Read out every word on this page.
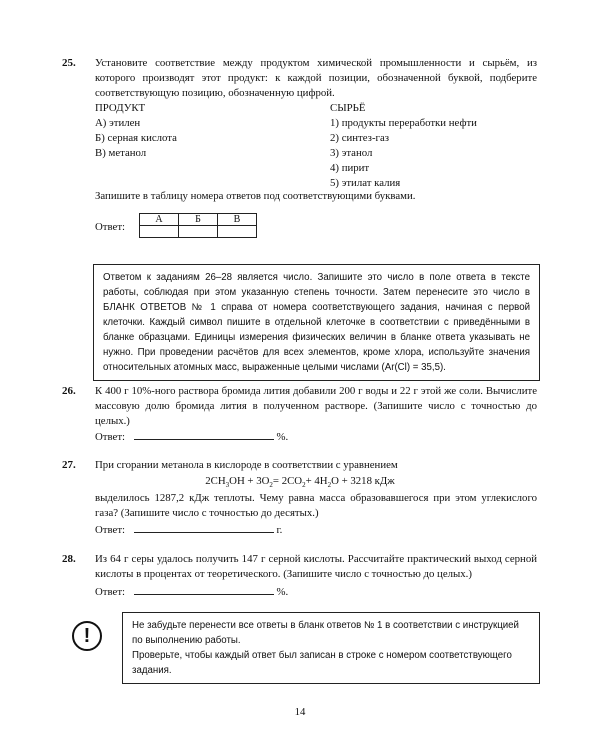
25. Установите соответствие между продуктом химической промышленности и сырьём, из которого производят этот продукт: к каждой позиции, обозначенной буквой, подберите соответствующую позицию, обозначенную цифрой.
ПРОДУКТ
А) этилен
Б) серная кислота
В) метанол
СЫРЬЁ
1) продукты переработки нефти
2) синтез-газ
3) этанол
4) пирит
5) этилат калия
Запишите в таблицу номера ответов под соответствующими буквами.
Ответ:
А	Б	В

Ответом к заданиям 26–28 является число. Запишите это число в поле ответа в тексте работы, соблюдая при этом указанную степень точности. Затем перенесите это число в БЛАНК ОТВЕТОВ № 1 справа от номера соответствующего задания, начиная с первой клеточки. Каждый символ пишите в отдельной клеточке в соответствии с приведёнными в бланке образцами. Единицы измерения физических величин в бланке ответа указывать не нужно. При проведении расчётов для всех элементов, кроме хлора, используйте значения относительных атомных масс, выраженные целыми числами (Ar(Cl) = 35,5).
26. К 400 г 10%-ного раствора бромида лития добавили 200 г воды и 22 г этой же соли. Вычислите массовую долю бромида лития в полученном растворе. (Запишите число с точностью до целых.)
Ответ:	%.
27. При сгорании метанола в кислороде в соответствии с уравнением
$2CH_3OH + 3O_2= 2CO_2+ 4H_2O + 3218$ кДж
выделилось 1287,2 кДж теплоты. Чему равна масса образовавшегося при этом углекислого газа? (Запишите число с точностью до десятых.)
Ответ:	г.
28. Из 64 г серы удалось получить 147 г серной кислоты. Рассчитайте практический выход серной кислоты в процентах от теоретического. (Запишите число с точностью до целых.)
Ответ:	%.
!	Не забудьте перенести все ответы в бланк ответов № 1 в соответствии с инструкцией по выполнению работы.
Проверьте, чтобы каждый ответ был записан в строке с номером соответствующего задания.
14
